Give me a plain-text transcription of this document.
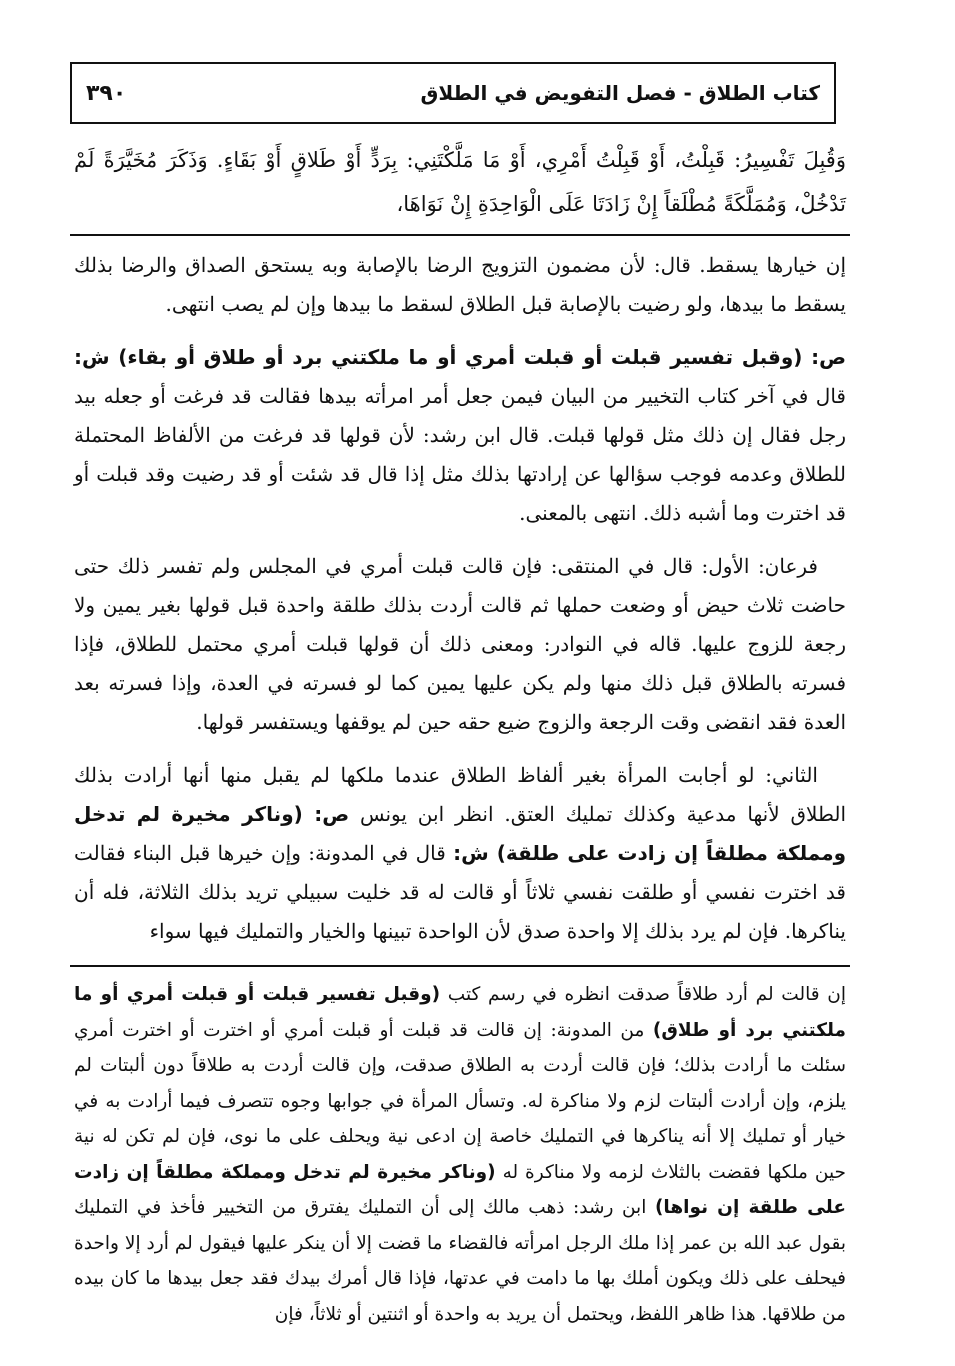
كتاب الطلاق - فصل التفويض في الطلاق
٣٩٠
وَقُبِلَ تَفْسِيرُ: قَبِلْتُ، أَوْ قَبِلْتُ أَمْرِي، أَوْ مَا مَلَّكْتَنِي: بِرَدٍّ أَوْ طَلاقٍ أَوْ بَقَاءٍ. وَذَكَرَ مُخَيَّرَةً لَمْ تَدْخُلْ، وَمُمَلَّكَةً مُطْلَقاً إِنْ زَادَتَا عَلَى الْوَاحِدَةِ إِنْ نَوَاهَا،

إن خيارها يسقط. قال: لأن مضمون التزويج الرضا بالإصابة وبه يستحق الصداق والرضا بذلك يسقط ما بيدها، ولو رضيت بالإصابة قبل الطلاق لسقط ما بيدها وإن لم يصب انتهى.

ص: (وقبل تفسير قبلت أو قبلت أمري أو ما ملكتني برد أو طلاق أو بقاء) ش: قال في آخر كتاب التخيير من البيان فيمن جعل أمر امرأته بيدها فقالت قد فرغت أو جعله بيد رجل فقال إن ذلك مثل قولها قبلت. قال ابن رشد: لأن قولها قد فرغت من الألفاظ المحتملة للطلاق وعدمه فوجب سؤالها عن إرادتها بذلك مثل إذا قال قد شئت أو قد رضيت وقد قبلت أو قد اخترت وما أشبه ذلك. انتهى بالمعنى.

فرعان: الأول: قال في المنتقى: فإن قالت قبلت أمري في المجلس ولم تفسر ذلك حتى حاضت ثلاث حيض أو وضعت حملها ثم قالت أردت بذلك طلقة واحدة قبل قولها بغير يمين ولا رجعة للزوج عليها. قاله في النوادر: ومعنى ذلك أن قولها قبلت أمري محتمل للطلاق، فإذا فسرته بالطلاق قبل ذلك منها ولم يكن عليها يمين كما لو فسرته في العدة، وإذا فسرته بعد العدة فقد انقضى وقت الرجعة والزوج ضيع حقه حين لم يوقفها ويستفسر قولها.

الثاني: لو أجابت المرأة بغير ألفاظ الطلاق عندما ملكها لم يقبل منها أنها أرادت بذلك الطلاق لأنها مدعية وكذلك تمليك العتق. انظر ابن يونس ص: (وناكر مخيرة لم تدخل ومملكة مطلقاً إن زادت على طلقة) ش: قال في المدونة: وإن خيرها قبل البناء فقالت قد اخترت نفسي أو طلقت نفسي ثلاثاً أو قالت له قد خليت سبيلي تريد بذلك الثلاثة، فله أن يناكرها. فإن لم يرد بذلك إلا واحدة صدق لأن الواحدة تبينها والخيار والتمليك فيها سواء

إن قالت لم أرد طلاقاً صدقت انظره في رسم كتب (وقبل تفسير قبلت أو قبلت أمري أو ما ملكتني برد أو طلاق) من المدونة: إن قالت قد قبلت أو قبلت أمري أو اخترت أو اخترت أمري سئلت ما أرادت بذلك؛ فإن قالت أردت به الطلاق صدقت، وإن قالت أردت به طلاقاً دون ألبتات لم يلزم، وإن أرادت ألبتات لزم ولا مناكرة له. وتسأل المرأة في جوابها وجوه تتصرف فيما أرادت به في خيار أو تمليك إلا أنه يناكرها في التمليك خاصة إن ادعى نية ويحلف على ما نوى، فإن لم تكن له نية حين ملكها فقضت بالثلاث لزمه ولا مناكرة له (وناكر مخيرة لم تدخل ومملكة مطلقاً إن زادت على طلقة إن نواها) ابن رشد: ذهب مالك إلى أن التمليك يفترق من التخيير فأخذ في التمليك بقول عبد الله بن عمر إذا ملك الرجل امرأته فالقضاء ما قضت إلا أن ينكر عليها فيقول لم أرد إلا واحدة فيحلف على ذلك ويكون أملك بها ما دامت في عدتها، فإذا قال أمرك بيدك فقد جعل بيدها ما كان بيده من طلاقها. هذا ظاهر اللفظ، ويحتمل أن يريد به واحدة أو اثنتين أو ثلاثاً، فإن
